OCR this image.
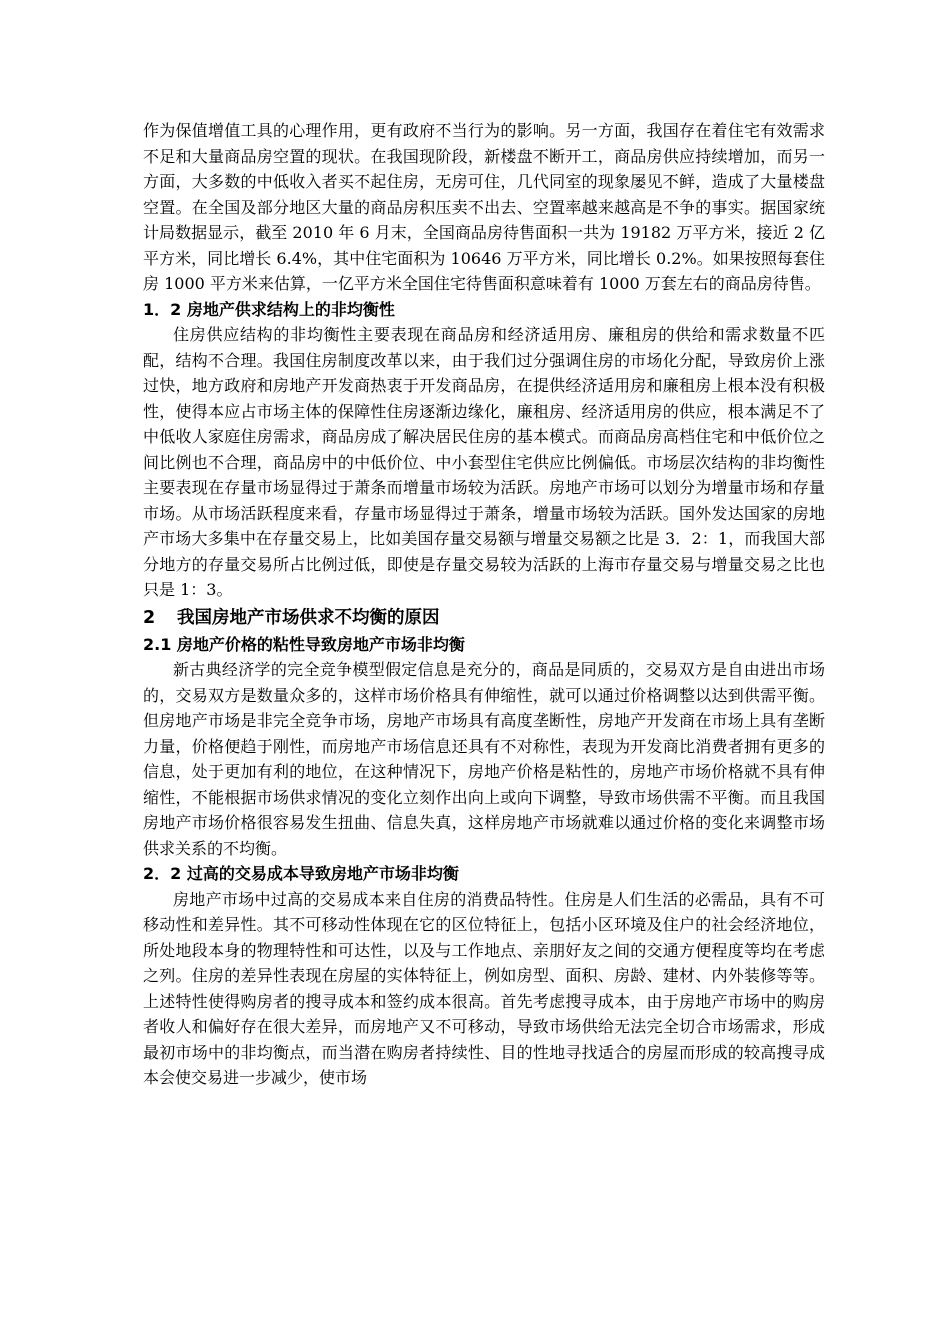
作为保值增值工具的心理作用，更有政府不当行为的影响。另一方面，我国存在着住宅有效需求不足和大量商品房空置的现状。在我国现阶段，新楼盘不断开工，商品房供应持续增加，而另一方面，大多数的中低收入者买不起住房，无房可住，几代同室的现象屡见不鲜，造成了大量楼盘空置。在全国及部分地区大量的商品房积压卖不出去、空置率越来越高是不争的事实。据国家统计局数据显示，截至 2010 年 6 月末，全国商品房待售面积一共为 19182 万平方米，接近 2 亿平方米，同比增长 6.4%，其中住宅面积为 10646 万平方米，同比增长 0.2%。如果按照每套住房 1000 平方米来估算，一亿平方米全国住宅待售面积意味着有 1000 万套左右的商品房待售。

1．2 房地产供求结构上的非均衡性

住房供应结构的非均衡性主要表现在商品房和经济适用房、廉租房的供给和需求数量不匹配，结构不合理。我国住房制度改革以来，由于我们过分强调住房的市场化分配，导致房价上涨过快，地方政府和房地产开发商热衷于开发商品房，在提供经济适用房和廉租房上根本没有积极性，使得本应占市场主体的保障性住房逐渐边缘化，廉租房、经济适用房的供应，根本满足不了中低收人家庭住房需求，商品房成了解决居民住房的基本模式。而商品房高档住宅和中低价位之间比例也不合理，商品房中的中低价位、中小套型住宅供应比例偏低。市场层次结构的非均衡性主要表现在存量市场显得过于萧条而增量市场较为活跃。房地产市场可以划分为增量市场和存量市场。从市场活跃程度来看，存量市场显得过于萧条，增量市场较为活跃。国外发达国家的房地产市场大多集中在存量交易上，比如美国存量交易额与增量交易额之比是 3．2：1，而我国大部分地方的存量交易所占比例过低，即使是存量交易较为活跃的上海市存量交易与增量交易之比也只是 1：3。

2 我国房地产市场供求不均衡的原因

2.1 房地产价格的粘性导致房地产市场非均衡

新古典经济学的完全竞争模型假定信息是充分的，商品是同质的，交易双方是自由进出市场的，交易双方是数量众多的，这样市场价格具有伸缩性，就可以通过价格调整以达到供需平衡。但房地产市场是非完全竞争市场，房地产市场具有高度垄断性，房地产开发商在市场上具有垄断力量，价格便趋于刚性，而房地产市场信息还具有不对称性，表现为开发商比消费者拥有更多的信息，处于更加有利的地位，在这种情况下，房地产价格是粘性的，房地产市场价格就不具有伸缩性，不能根据市场供求情况的变化立刻作出向上或向下调整，导致市场供需不平衡。而且我国房地产市场价格很容易发生扭曲、信息失真，这样房地产市场就难以通过价格的变化来调整市场供求关系的不均衡。

2．2 过高的交易成本导致房地产市场非均衡

房地产市场中过高的交易成本来自住房的消费品特性。住房是人们生活的必需品，具有不可移动性和差异性。其不可移动性体现在它的区位特征上，包括小区环境及住户的社会经济地位，所处地段本身的物理特性和可达性，以及与工作地点、亲朋好友之间的交通方便程度等均在考虑之列。住房的差异性表现在房屋的实体特征上，例如房型、面积、房龄、建材、内外装修等等。上述特性使得购房者的搜寻成本和签约成本很高。首先考虑搜寻成本，由于房地产市场中的购房者收人和偏好存在很大差异，而房地产又不可移动，导致市场供给无法完全切合市场需求，形成最初市场中的非均衡点，而当潜在购房者持续性、目的性地寻找适合的房屋而形成的较高搜寻成本会使交易进一步减少，使市场
